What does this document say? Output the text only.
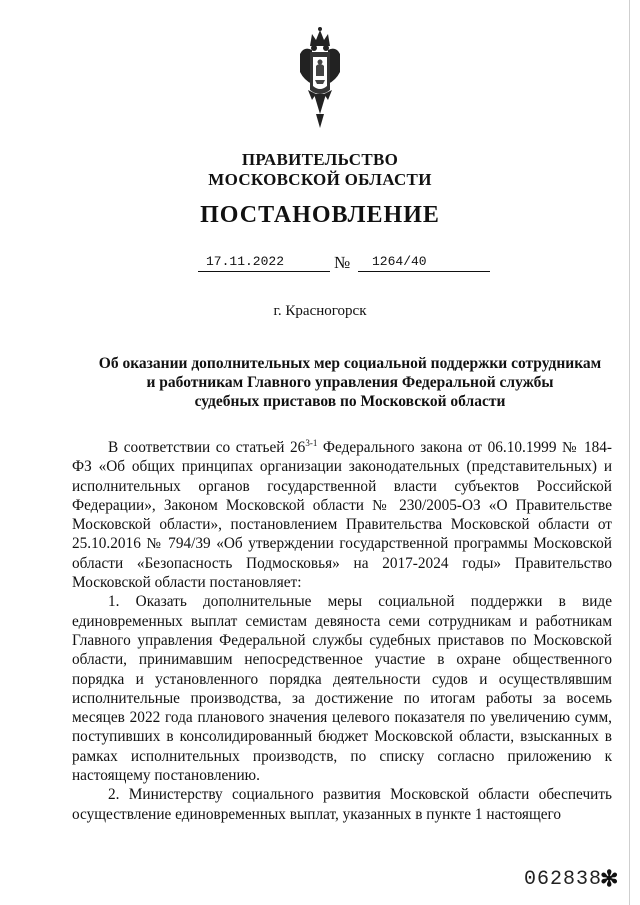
ПРАВИТЕЛЬСТВО
МОСКОВСКОЙ ОБЛАСТИ
ПОСТАНОВЛЕНИЕ
17.11.2022	№	1264/40
г. Красногорск
Об оказании дополнительных мер социальной поддержки сотрудникам
и работникам Главного управления Федеральной службы
судебных приставов по Московской области

В соответствии со статьей 26$^{3-1}$ Федерального закона от 06.10.1999 № 184-ФЗ «Об общих принципах организации законодательных (представительных) и исполнительных органов государственной власти субъектов Российской Федерации», Законом Московской области № 230/2005-ОЗ «О Правительстве Московской области», постановлением Правительства Московской области от 25.10.2016 № 794/39 «Об утверждении государственной программы Московской области «Безопасность Подмосковья» на 2017-2024 годы» Правительство Московской области постановляет:

1. Оказать дополнительные меры социальной поддержки в виде единовременных выплат семистам девяноста семи сотрудникам и работникам Главного управления Федеральной службы судебных приставов по Московской области, принимавшим непосредственное участие в охране общественного порядка и установленного порядка деятельности судов и осуществлявшим исполнительные производства, за достижение по итогам работы за восемь месяцев 2022 года планового значения целевого показателя по увеличению сумм, поступивших в консолидированный бюджет Московской области, взысканных в рамках исполнительных производств, по списку согласно приложению к настоящему постановлению.

2. Министерству социального развития Московской области обеспечить осуществление единовременных выплат, указанных в пункте 1 настоящего

062838
✻
